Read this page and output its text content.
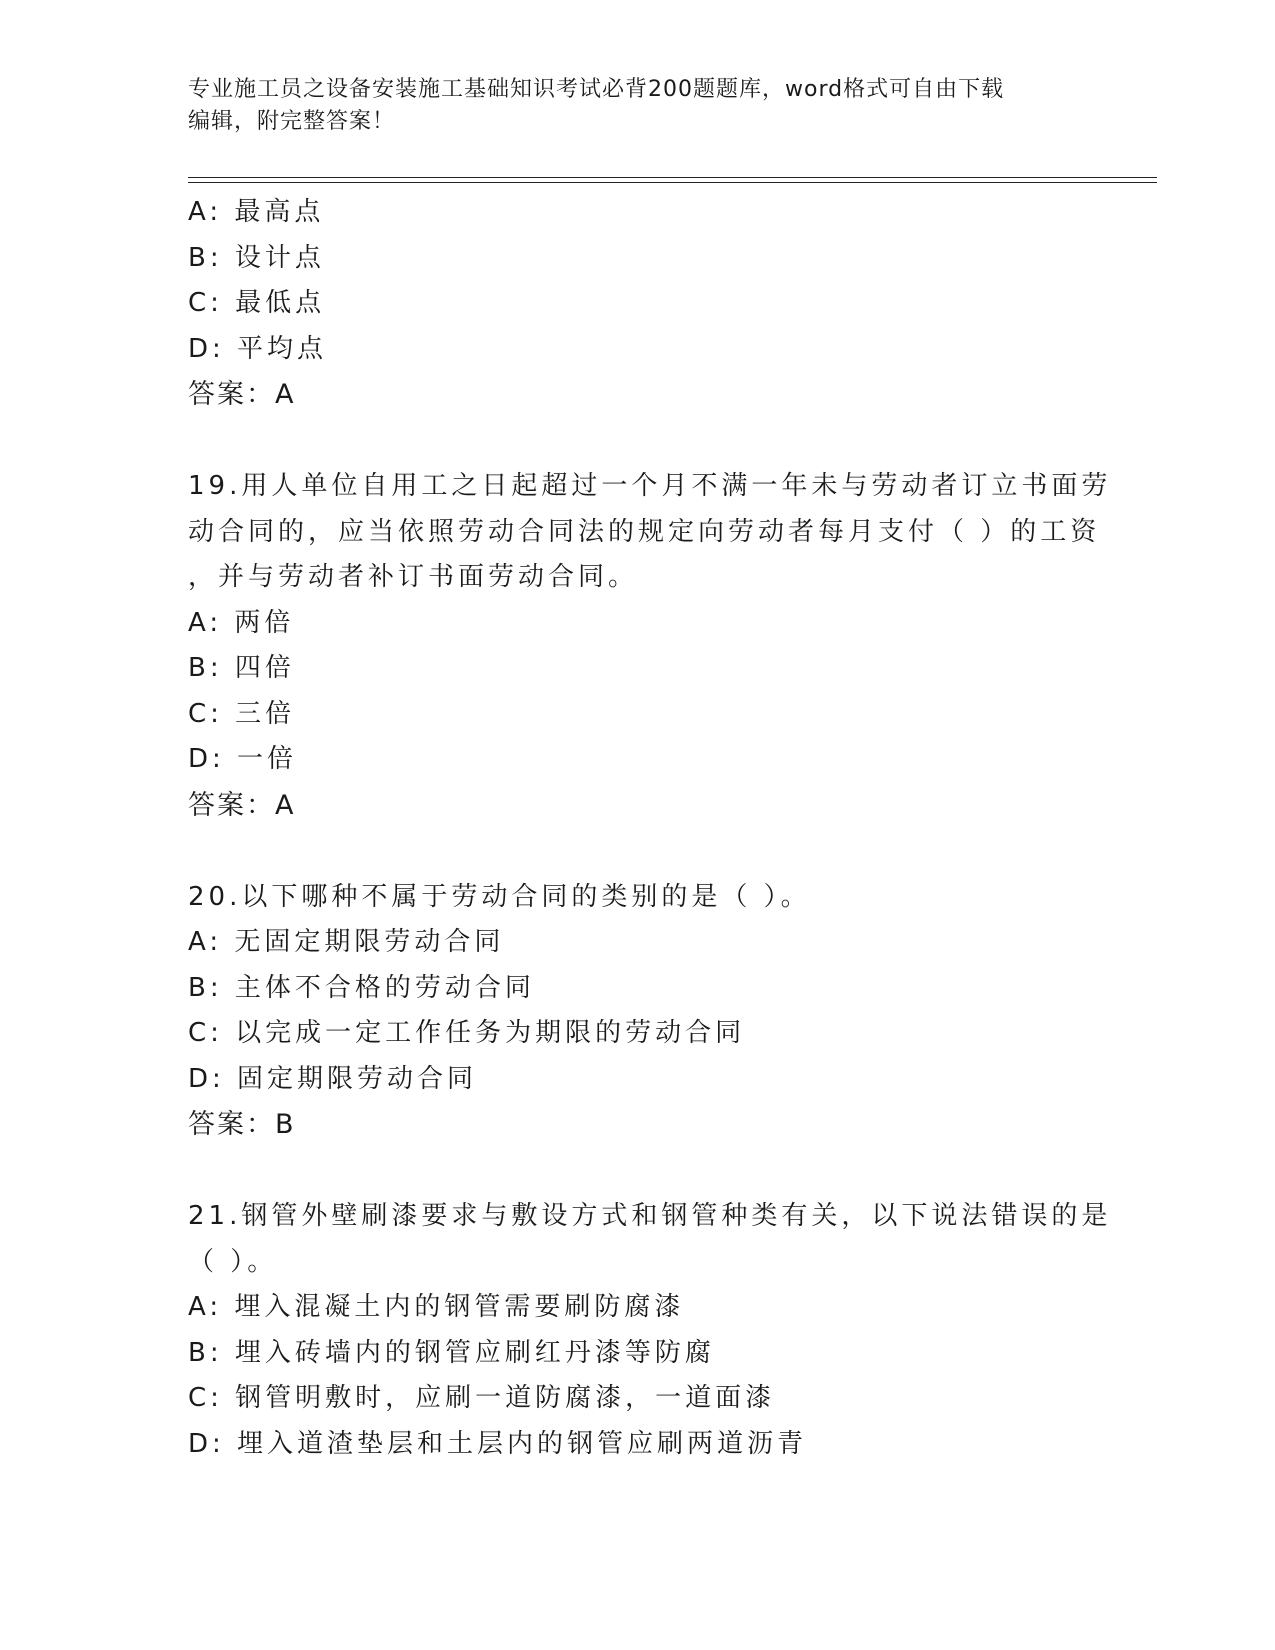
专业施工员之设备安装施工基础知识考试必背200题题库，word格式可自由下载
编辑，附完整答案！
A: 最高点
B: 设计点
C: 最低点
D: 平均点
答案：A
19.用人单位自用工之日起超过一个月不满一年未与劳动者订立书面劳
动合同的，应当依照劳动合同法的规定向劳动者每月支付（ ）的工资
，并与劳动者补订书面劳动合同。
A: 两倍
B: 四倍
C: 三倍
D: 一倍
答案：A
20.以下哪种不属于劳动合同的类别的是（ ）。
A: 无固定期限劳动合同
B: 主体不合格的劳动合同
C: 以完成一定工作任务为期限的劳动合同
D: 固定期限劳动合同
答案：B
21.钢管外壁刷漆要求与敷设方式和钢管种类有关，以下说法错误的是
（ ）。
A: 埋入混凝土内的钢管需要刷防腐漆
B: 埋入砖墙内的钢管应刷红丹漆等防腐
C: 钢管明敷时，应刷一道防腐漆，一道面漆
D: 埋入道渣垫层和土层内的钢管应刷两道沥青
